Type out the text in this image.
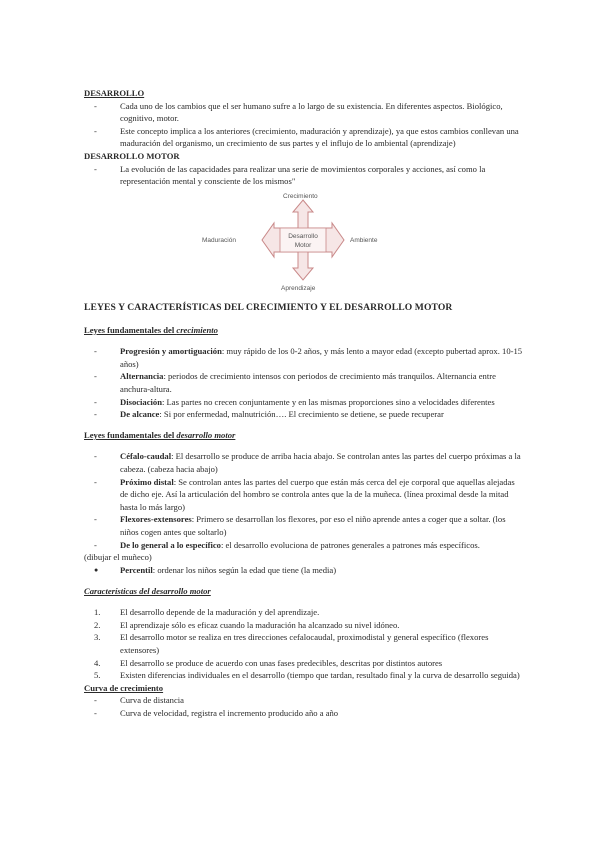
DESARROLLO

-	Cada uno de los cambios que el ser humano sufre a lo largo de su existencia. En diferentes aspectos. Biológico, cognitivo, motor.
-	Este concepto implica a los anteriores (crecimiento, maduración y aprendizaje), ya que estos cambios conllevan una maduración del organismo, un crecimiento de sus partes y el influjo de lo ambiental (aprendizaje)

DESARROLLO MOTOR

-	La evolución de las capacidades para realizar una serie de movimientos corporales y acciones, así como la representación mental y consciente de los mismos"
Desarrollo
Motor
Crecimiento
Maduración	Ambiente
Aprendizaje

LEYES Y CARACTERÍSTICAS DEL CRECIMIENTO Y EL DESARROLLO MOTOR

Leyes fundamentales del crecimiento

-	Progresión y amortiguación: muy rápido de los 0-2 años, y más lento a mayor edad (excepto pubertad aprox. 10-15 años)
-	Alternancia: periodos de crecimiento intensos con periodos de crecimiento más tranquilos. Alternancia entre anchura-altura.
-	Disociación: Las partes no crecen conjuntamente y en las mismas proporciones sino a velocidades diferentes
-	De alcance: Si por enfermedad, malnutrición…. El crecimiento se detiene, se puede recuperar

Leyes fundamentales del desarrollo motor

-	Céfalo-caudal: El desarrollo se produce de arriba hacia abajo. Se controlan antes las partes del cuerpo próximas a la cabeza. (cabeza hacia abajo)
-	Próximo distal: Se controlan antes las partes del cuerpo que están más cerca del eje corporal que aquellas alejadas de dicho eje. Así la articulación del hombro se controla antes que la de la muñeca. (línea proximal desde la mitad hasta lo más largo)
-	Flexores-extensores: Primero se desarrollan los flexores, por eso el niño aprende antes a coger que a soltar. (los niños cogen antes que soltarlo)
-	De lo general a lo específico: el desarrollo evoluciona de patrones generales a patrones más específicos.

(dibujar el muñeco)

●	Percentil: ordenar los niños según la edad que tiene (la media)

Características del desarrollo motor

1.	El desarrollo depende de la maduración y del aprendizaje.
2.	El aprendizaje sólo es eficaz cuando la maduración ha alcanzado su nivel idóneo.
3.	El desarrollo motor se realiza en tres direcciones cefalocaudal, proximodistal y general específico (flexores extensores)
4.	El desarrollo se produce de acuerdo con unas fases predecibles, descritas por distintos autores
5.	Existen diferencias individuales en el desarrollo (tiempo que tardan, resultado final y la curva de desarrollo seguida)

Curva de crecimiento

-	Curva de distancia
-	Curva de velocidad, registra el incremento producido año a año
